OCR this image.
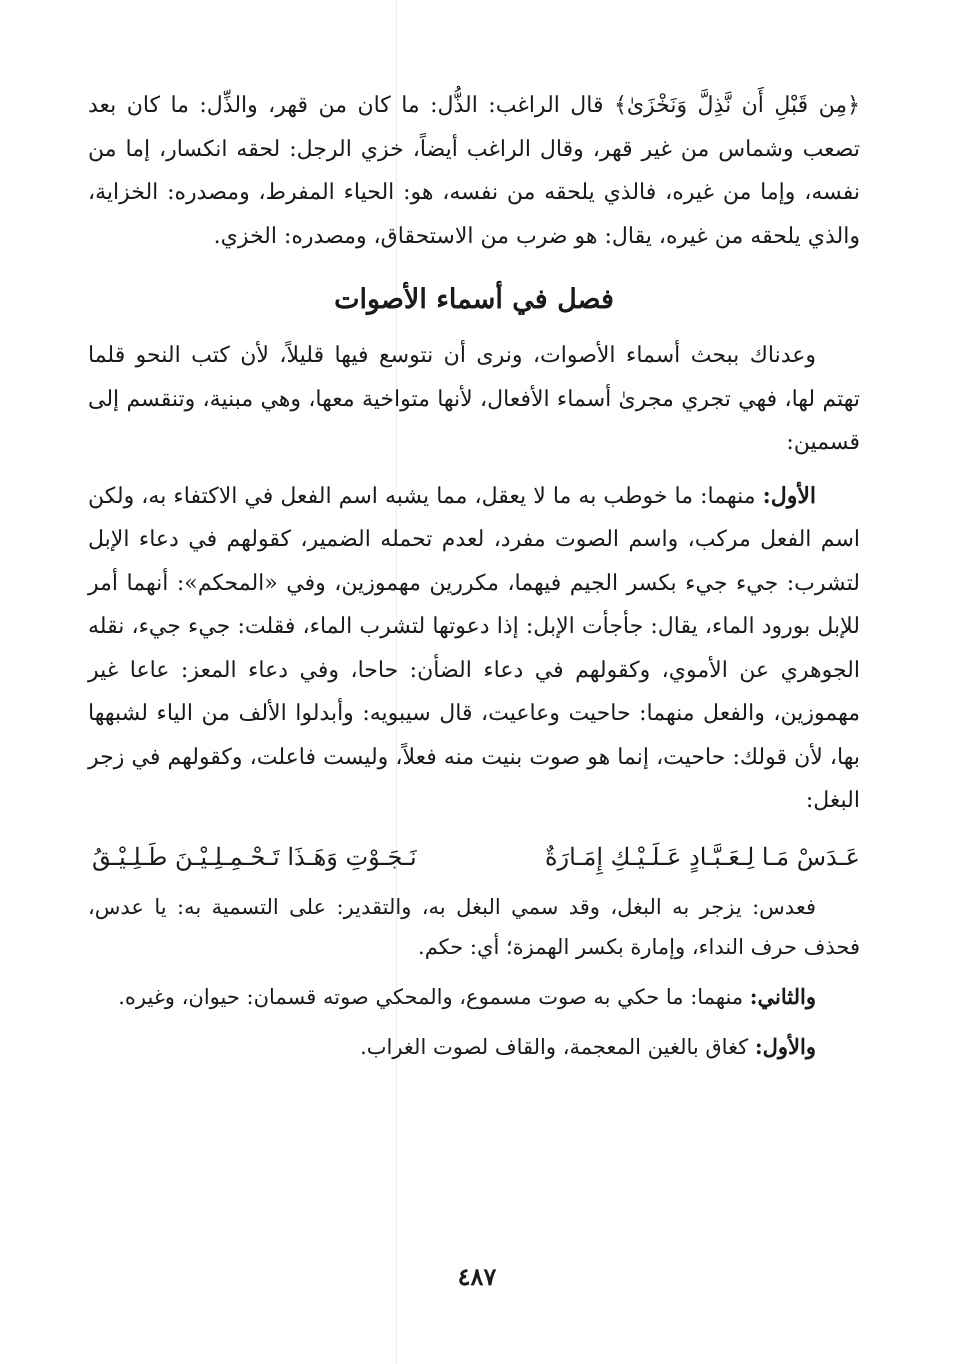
﴿مِن قَبْلِ أَن نَّذِلَّ وَنَخْزَىٰ﴾ قال الراغب: الذُّل: ما كان من قهر، والذِّل: ما كان بعد تصعب وشماس من غير قهر، وقال الراغب أيضاً، خزي الرجل: لحقه انكسار، إما من نفسه، وإما من غيره، فالذي يلحقه من نفسه، هو: الحياء المفرط، ومصدره: الخزاية، والذي يلحقه من غيره، يقال: هو ضرب من الاستحقاق، ومصدره: الخزي.

فصل في أسماء الأصوات

وعدناك ببحث أسماء الأصوات، ونرى أن نتوسع فيها قليلاً، لأن كتب النحو قلما تهتم لها، فهي تجري مجرىٰ أسماء الأفعال، لأنها متواخية معها، وهي مبنية، وتنقسم إلى قسمين:

الأول: منهما: ما خوطب به ما لا يعقل، مما يشبه اسم الفعل في الاكتفاء به، ولكن اسم الفعل مركب، واسم الصوت مفرد، لعدم تحمله الضمير، كقولهم في دعاء الإبل لتشرب: جيء جيء بكسر الجيم فيهما، مكررين مهموزين، وفي «المحكم»: أنهما أمر للإبل بورود الماء، يقال: جأجأت الإبل: إذا دعوتها لتشرب الماء، فقلت: جيء جيء، نقله الجوهري عن الأموي، وكقولهم في دعاء الضأن: حاحا، وفي دعاء المعز: عاعا غير مهموزين، والفعل منهما: حاحيت وعاعيت، قال سيبويه: وأبدلوا الألف من الياء لشبهها بها، لأن قولك: حاحيت، إنما هو صوت بنيت منه فعلاً، وليست فاعلت، وكقولهم في زجر البغل:

عَـدَسْ مَـا لِـعَـبَّـادٍ عَـلَـيْـكِ إِمَـارَةٌ
نَـجَـوْتِ وَهَـذَا تَـحْـمِـلِـيْـنَ طَـلِـيْـقُ

فعدس: يزجر به البغل، وقد سمي البغل به، والتقدير: على التسمية به: يا عدس، فحذف حرف النداء، وإمارة بكسر الهمزة؛ أي: حكم.

والثاني: منهما: ما حكي به صوت مسموع، والمحكي صوته قسمان: حيوان، وغيره.

والأول: كغاق بالغين المعجمة، والقاف لصوت الغراب.

٤٨٧
